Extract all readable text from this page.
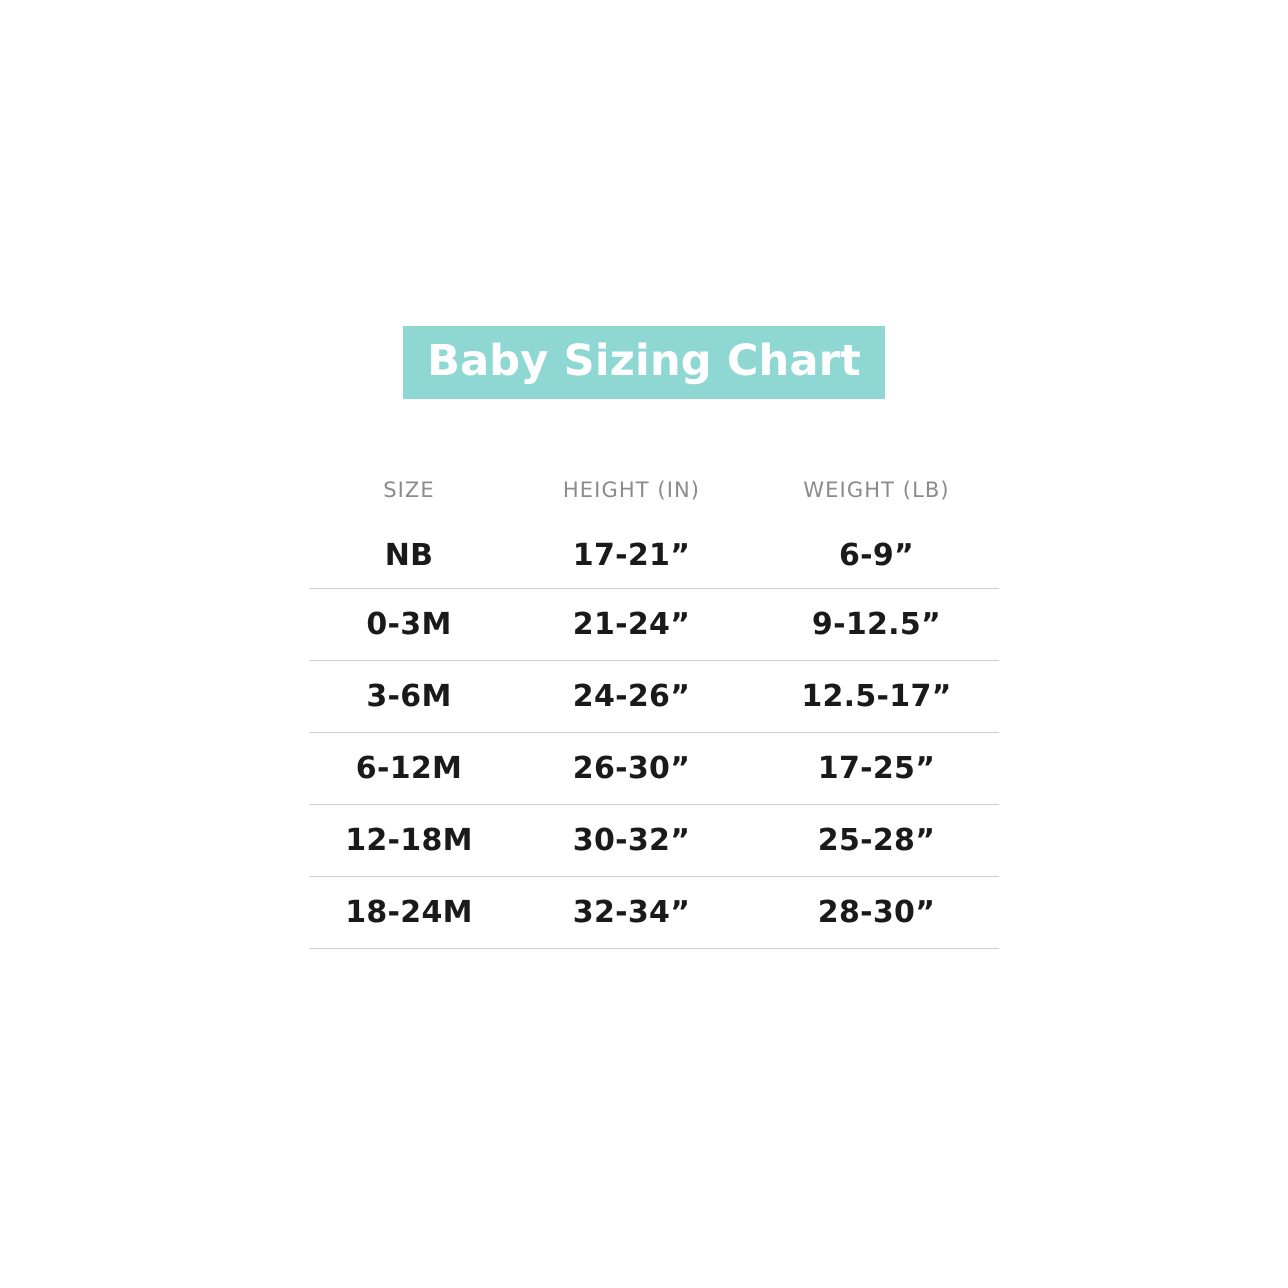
Baby Sizing Chart
SIZE	HEIGHT (IN)	WEIGHT (LB)
NB	17-21”	6-9”
0-3M	21-24”	9-12.5”
3-6M	24-26”	12.5-17”
6-12M	26-30”	17-25”
12-18M	30-32”	25-28”
18-24M	32-34”	28-30”
